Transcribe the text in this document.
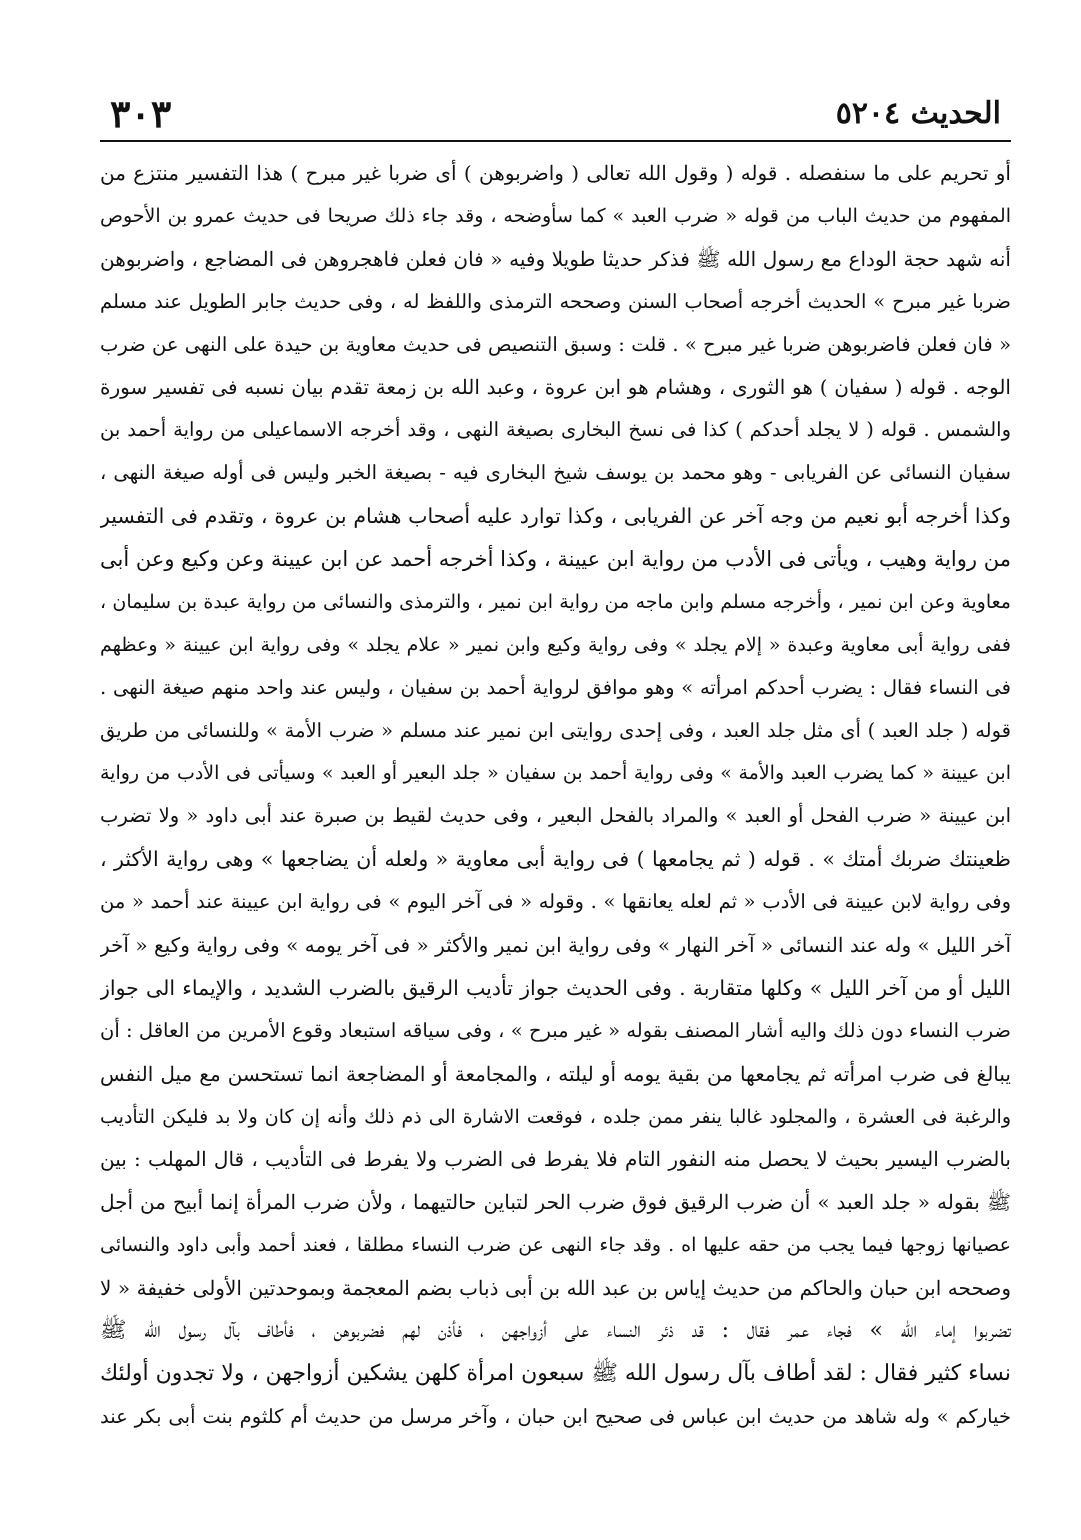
الحديث ٥٢٠٤
٣٠٣
أو تحريم على ما سنفصله . قوله ( وقول الله تعالى ( واضربوهن ) أى ضربا غير مبرح ) هذا التفسير منتزع من
المفهوم من حديث الباب من قوله « ضرب العبد » كما سأوضحه ، وقد جاء ذلك صريحا فى حديث عمرو بن الأحوص
أنه شهد حجة الوداع مع رسول الله ﷺ فذكر حديثا طويلا وفيه « فان فعلن فاهجروهن فى المضاجع ، واضربوهن
ضربا غير مبرح » الحديث أخرجه أصحاب السنن وصححه الترمذى واللفظ له ، وفى حديث جابر الطويل عند مسلم
« فان فعلن فاضربوهن ضربا غير مبرح » . قلت : وسبق التنصيص فى حديث معاوية بن حيدة على النهى عن ضرب
الوجه . قوله ( سفيان ) هو الثورى ، وهشام هو ابن عروة ، وعبد الله بن زمعة تقدم بيان نسبه فى تفسير سورة
والشمس . قوله ( لا يجلد أحدكم ) كذا فى نسخ البخارى بصيغة النهى ، وقد أخرجه الاسماعيلى من رواية أحمد بن
سفيان النسائى عن الفريابى - وهو محمد بن يوسف شيخ البخارى فيه - بصيغة الخبر وليس فى أوله صيغة النهى ،
وكذا أخرجه أبو نعيم من وجه آخر عن الفريابى ، وكذا توارد عليه أصحاب هشام بن عروة ، وتقدم فى التفسير
من رواية وهيب ، ويأتى فى الأدب من رواية ابن عيينة ، وكذا أخرجه أحمد عن ابن عيينة وعن وكيع وعن أبى
معاوية وعن ابن نمير ، وأخرجه مسلم وابن ماجه من رواية ابن نمير ، والترمذى والنسائى من رواية عبدة بن سليمان ،
ففى رواية أبى معاوية وعبدة « إلام يجلد » وفى رواية وكيع وابن نمير « علام يجلد » وفى رواية ابن عيينة « وعظهم
فى النساء فقال : يضرب أحدكم امرأته » وهو موافق لرواية أحمد بن سفيان ، وليس عند واحد منهم صيغة النهى .
قوله ( جلد العبد ) أى مثل جلد العبد ، وفى إحدى روايتى ابن نمير عند مسلم « ضرب الأمة » وللنسائى من طريق
ابن عيينة « كما يضرب العبد والأمة » وفى رواية أحمد بن سفيان « جلد البعير أو العبد » وسيأتى فى الأدب من رواية
ابن عيينة « ضرب الفحل أو العبد » والمراد بالفحل البعير ، وفى حديث لقيط بن صبرة عند أبى داود « ولا تضرب
ظعينتك ضربك أمتك » . قوله ( ثم يجامعها ) فى رواية أبى معاوية « ولعله أن يضاجعها » وهى رواية الأكثر ،
وفى رواية لابن عيينة فى الأدب « ثم لعله يعانقها » . وقوله « فى آخر اليوم » فى رواية ابن عيينة عند أحمد « من
آخر الليل » وله عند النسائى « آخر النهار » وفى رواية ابن نمير والأكثر « فى آخر يومه » وفى رواية وكيع « آخر
الليل أو من آخر الليل » وكلها متقاربة . وفى الحديث جواز تأديب الرقيق بالضرب الشديد ، والإيماء الى جواز
ضرب النساء دون ذلك واليه أشار المصنف بقوله « غير مبرح » ، وفى سياقه استبعاد وقوع الأمرين من العاقل : أن
يبالغ فى ضرب امرأته ثم يجامعها من بقية يومه أو ليلته ، والمجامعة أو المضاجعة انما تستحسن مع ميل النفس
والرغبة فى العشرة ، والمجلود غالبا ينفر ممن جلده ، فوقعت الاشارة الى ذم ذلك وأنه إن كان ولا بد فليكن التأديب
بالضرب اليسير بحيث لا يحصل منه النفور التام فلا يفرط فى الضرب ولا يفرط فى التأديب ، قال المهلب : بين
ﷺ بقوله « جلد العبد » أن ضرب الرقيق فوق ضرب الحر لتباين حالتيهما ، ولأن ضرب المرأة إنما أبيح من أجل
عصيانها زوجها فيما يجب من حقه عليها اه . وقد جاء النهى عن ضرب النساء مطلقا ، فعند أحمد وأبى داود والنسائى
وصححه ابن حبان والحاكم من حديث إياس بن عبد الله بن أبى ذباب بضم المعجمة وبموحدتين الأولى خفيفة « لا
تضربوا إماء الله » فجاء عمر فقال : قد ذئر النساء على أزواجهن ، فأذن لهم فضربوهن ، فأطاف بآل رسول الله ﷺ
نساء كثير فقال : لقد أطاف بآل رسول الله ﷺ سبعون امرأة كلهن يشكين أزواجهن ، ولا تجدون أولئك
خياركم » وله شاهد من حديث ابن عباس فى صحيح ابن حبان ، وآخر مرسل من حديث أم كلثوم بنت أبى بكر عند
